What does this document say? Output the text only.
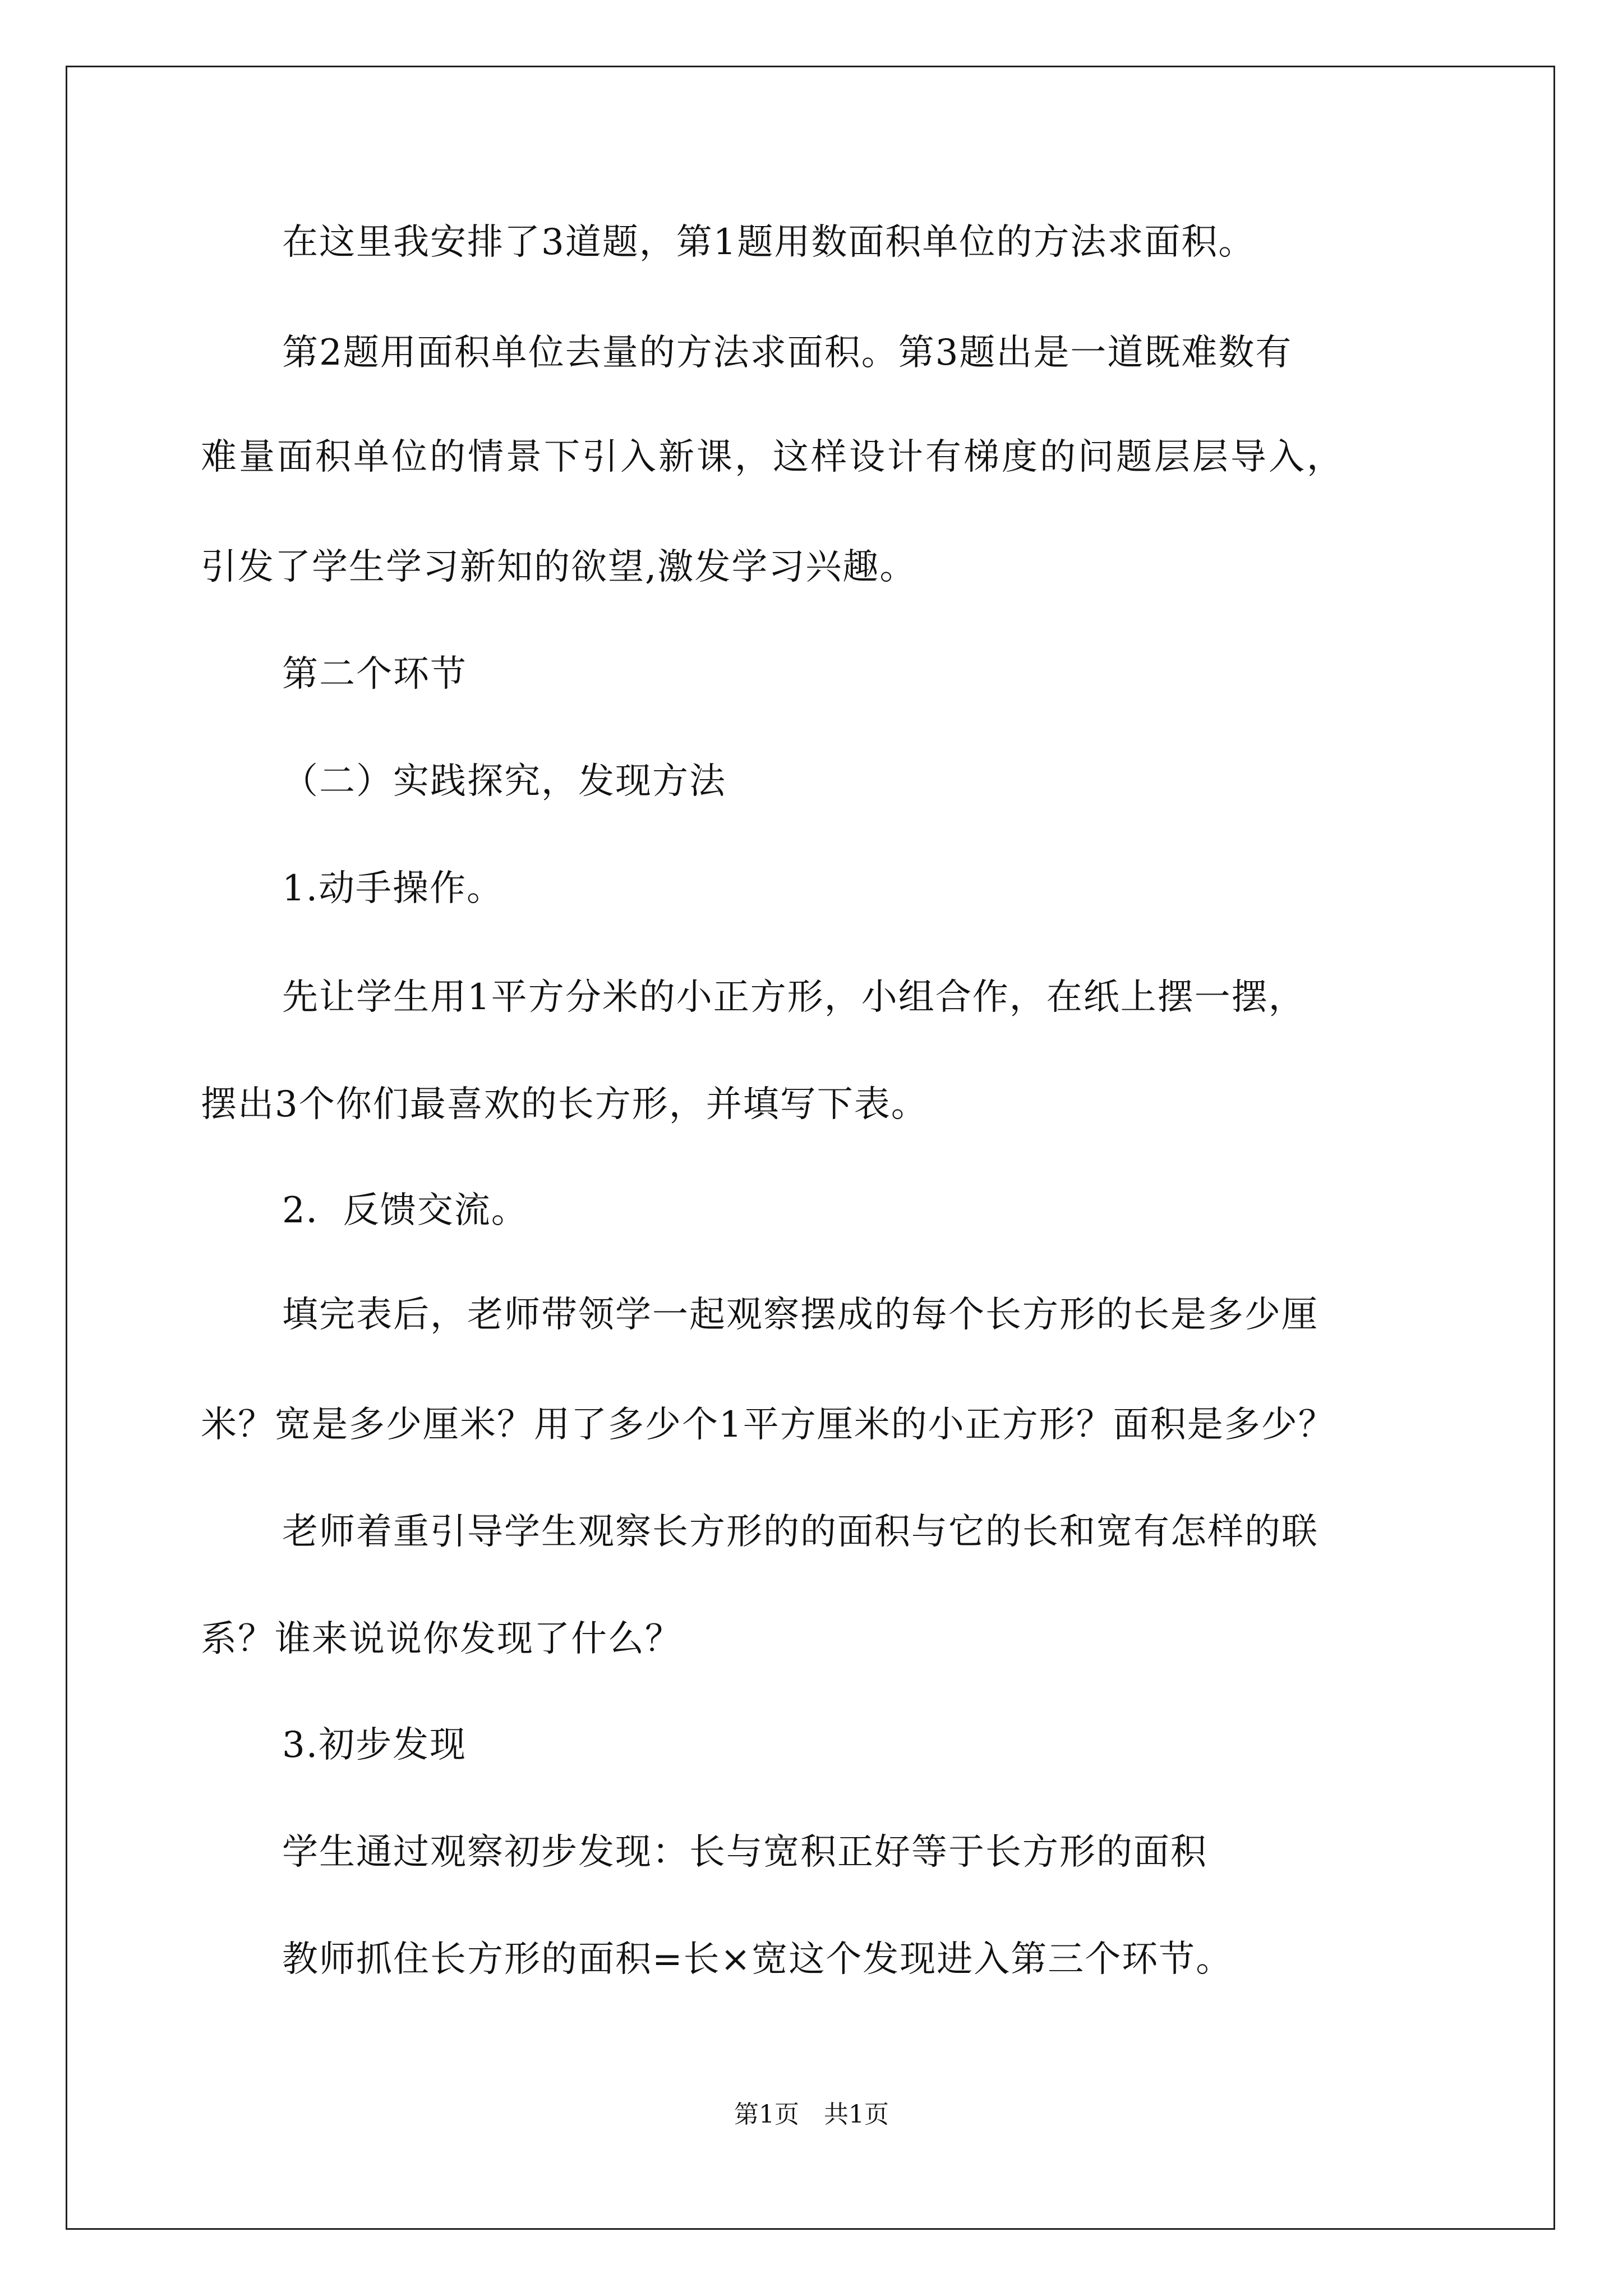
在这里我安排了3道题，第1题用数面积单位的方法求面积。
第2题用面积单位去量的方法求面积。第3题出是一道既难数有
难量面积单位的情景下引入新课，这样设计有梯度的问题层层导入，
引发了学生学习新知的欲望,激发学习兴趣。
第二个环节
（二）实践探究，发现方法
1.动手操作。
先让学生用1平方分米的小正方形，小组合作，在纸上摆一摆，
摆出3个你们最喜欢的长方形，并填写下表。
2．反馈交流。
填完表后，老师带领学一起观察摆成的每个长方形的长是多少厘
米？宽是多少厘米？用了多少个1平方厘米的小正方形？面积是多少？
老师着重引导学生观察长方形的的面积与它的长和宽有怎样的联
系？谁来说说你发现了什么？
3.初步发现
学生通过观察初步发现：长与宽积正好等于长方形的面积
教师抓住长方形的面积=长×宽这个发现进入第三个环节。
第1页　共1页
